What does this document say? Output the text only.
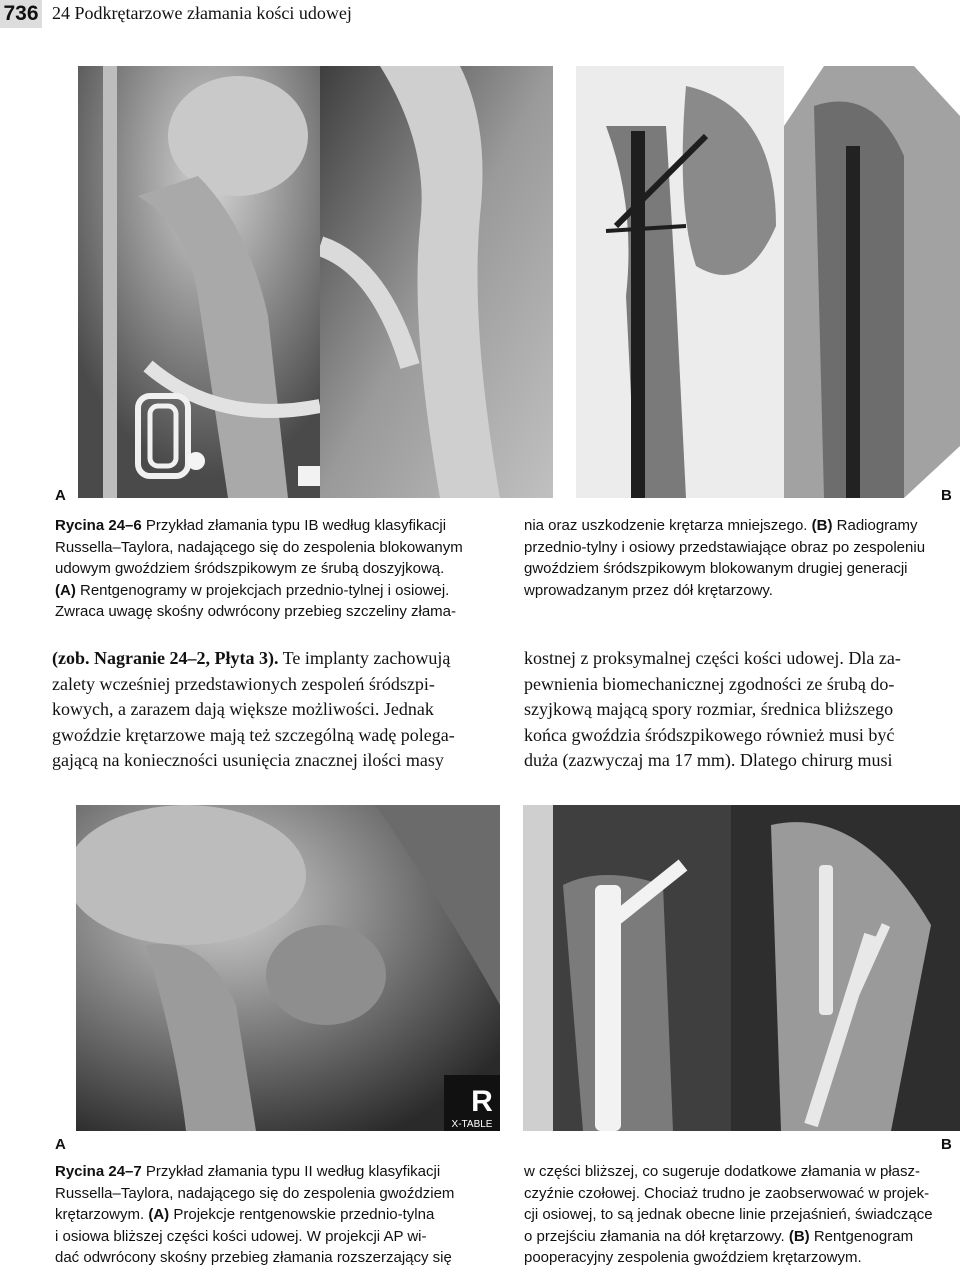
736 24 Podkrętarzowe złamania kości udowej
A	B
Rycina 24–6 Przykład złamania typu IB według klasyfikacji
Russella–Taylora, nadającego się do zespolenia blokowanym
udowym gwoździem śródszpikowym ze śrubą doszyjkową.
(A) Rentgenogramy w projekcjach przednio-tylnej i osiowej.
Zwraca uwagę skośny odwrócony przebieg szczeliny złama-
nia oraz uszkodzenie krętarza mniejszego. (B) Radiogramy
przednio-tylny i osiowy przedstawiające obraz po zespoleniu
gwoździem śródszpikowym blokowanym drugiej generacji
wprowadzanym przez dół krętarzowy.
(zob. Nagranie 24–2, Płyta 3). Te implanty zachowują
zalety wcześniej przedstawionych zespoleń śródszpi-
kowych, a zarazem dają większe możliwości. Jednak
gwoździe krętarzowe mają też szczególną wadę polega-
gającą na konieczności usunięcia znacznej ilości masy
kostnej z proksymalnej części kości udowej. Dla za-
pewnienia biomechanicznej zgodności ze śrubą do-
szyjkową mającą spory rozmiar, średnica bliższego
końca gwoździa śródszpikowego również musi być
duża (zazwyczaj ma 17 mm). Dlatego chirurg musi
R
X-TABLE
A	B
Rycina 24–7 Przykład złamania typu II według klasyfikacji
Russella–Taylora, nadającego się do zespolenia gwoździem
krętarzowym. (A) Projekcje rentgenowskie przednio-tylna
i osiowa bliższej części kości udowej. W projekcji AP wi-
dać odwrócony skośny przebieg złamania rozszerzający się
w części bliższej, co sugeruje dodatkowe złamania w płasz-
czyźnie czołowej. Chociaż trudno je zaobserwować w projek-
cji osiowej, to są jednak obecne linie przejaśnień, świadczące
o przejściu złamania na dół krętarzowy. (B) Rentgenogram
pooperacyjny zespolenia gwoździem krętarzowym.
